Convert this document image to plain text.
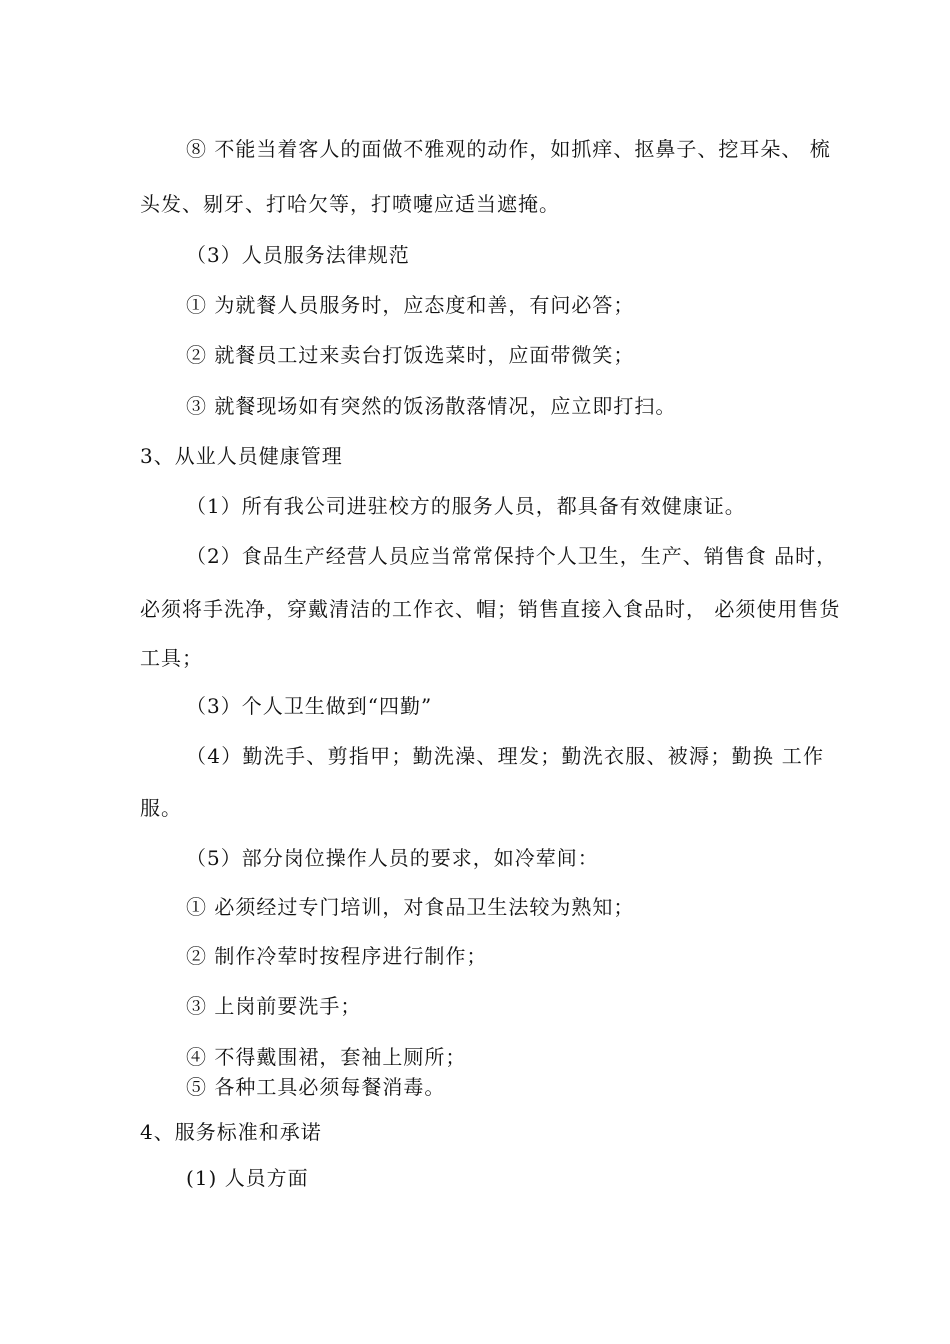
⑧ 不能当着客人的面做不雅观的动作，如抓痒、抠鼻子、挖耳朵、 梳
头发、剔牙、打哈欠等，打喷嚏应适当遮掩。
（3）人员服务法律规范
① 为就餐人员服务时，应态度和善，有问必答；
② 就餐员工过来卖台打饭选菜时，应面带微笑；
③ 就餐现场如有突然的饭汤散落情况，应立即打扫。
3、从业人员健康管理
（1）所有我公司进驻校方的服务人员，都具备有效健康证。
（2）食品生产经营人员应当常常保持个人卫生，生产、销售食 品时，
必须将手洗净，穿戴清洁的工作衣、帽；销售直接入食品时， 必须使用售货
工具；
（3）个人卫生做到“四勤”
（4）勤洗手、剪指甲；勤洗澡、理发；勤洗衣服、被溽；勤换 工作
服。
（5）部分岗位操作人员的要求，如冷荤间：
① 必须经过专门培训，对食品卫生法较为熟知；
② 制作冷荤时按程序进行制作；
③ 上岗前要洗手；
④ 不得戴围裙，套袖上厕所；
⑤ 各种工具必须每餐消毒。
4、服务标准和承诺
(1) 人员方面
